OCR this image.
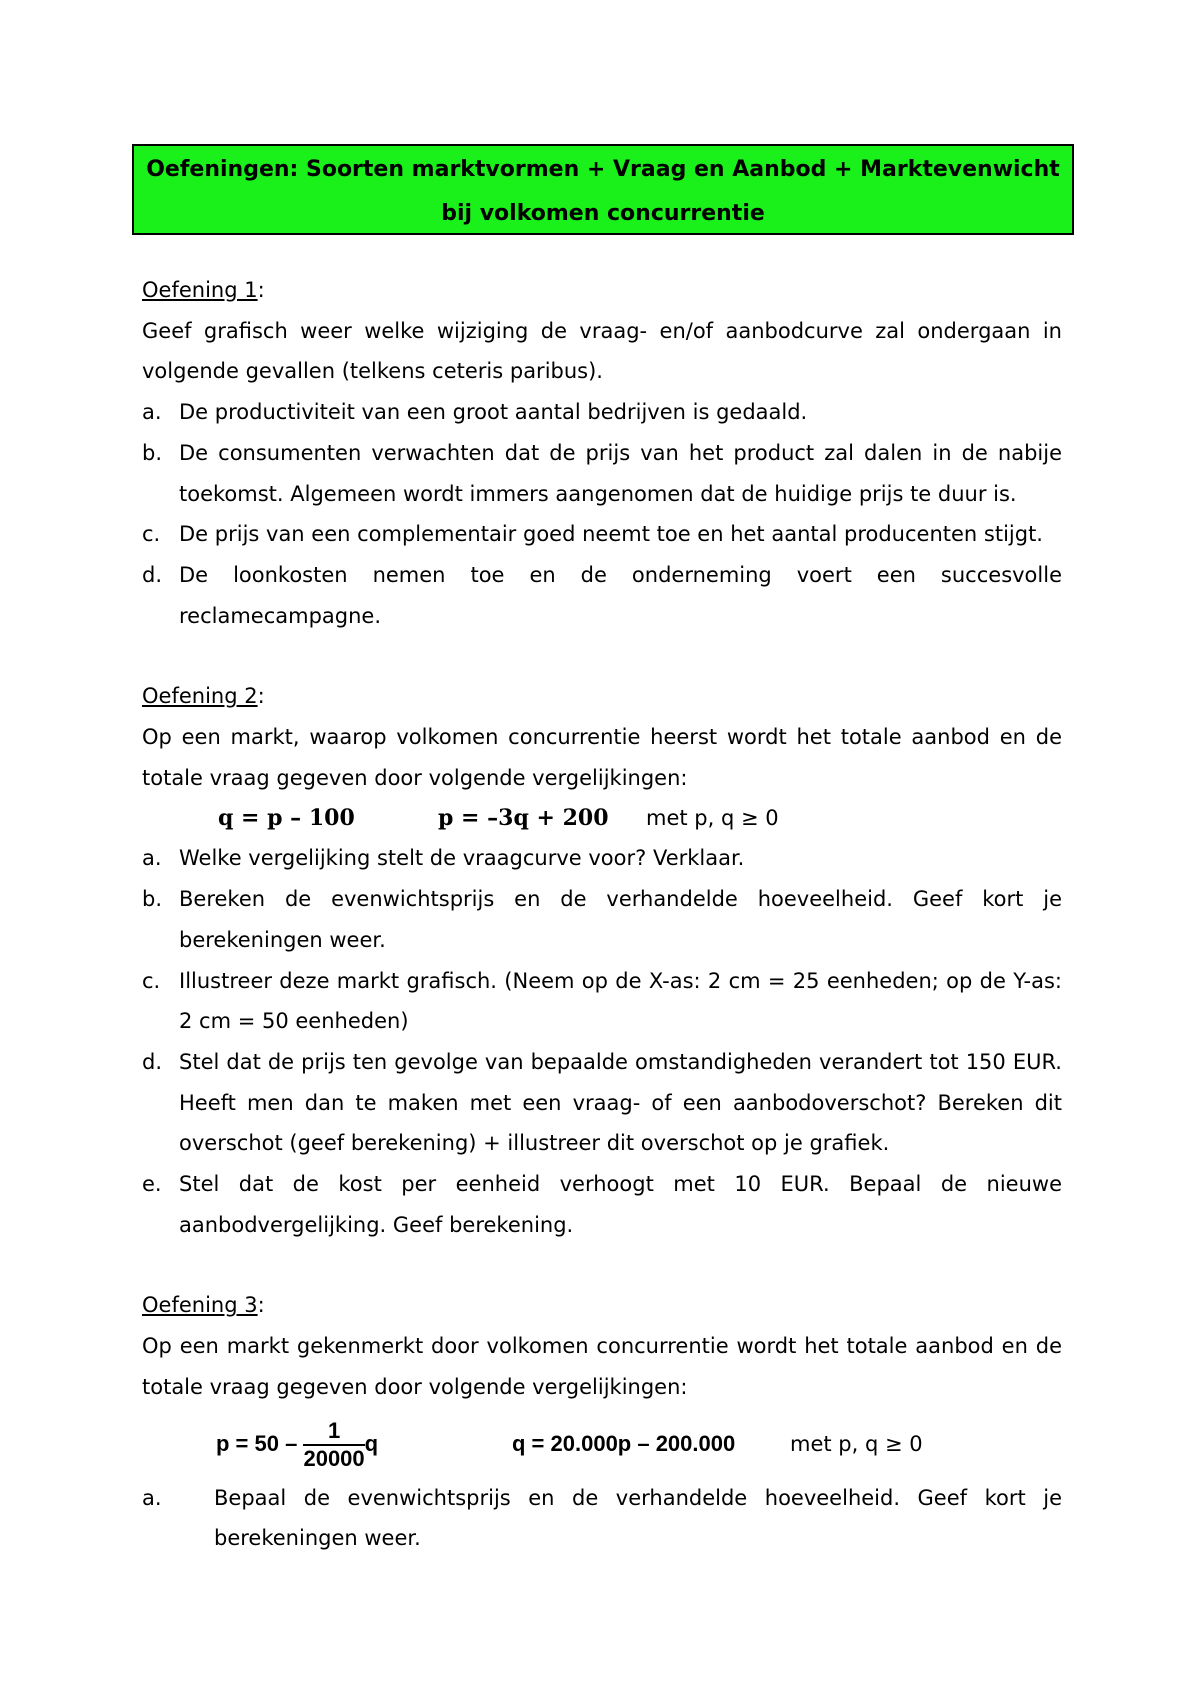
Oefeningen: Soorten marktvormen + Vraag en Aanbod + Marktevenwicht
bij volkomen concurrentie

Oefening 1:

Geef grafisch weer welke wijziging de vraag- en/of aanbodcurve zal ondergaan in volgende gevallen (telkens ceteris paribus).

a. De productiviteit van een groot aantal bedrijven is gedaald.
b. De consumenten verwachten dat de prijs van het product zal dalen in de nabije toekomst. Algemeen wordt immers aangenomen dat de huidige prijs te duur is.
c. De prijs van een complementair goed neemt toe en het aantal producenten stijgt.
d. De loonkosten nemen toe en de onderneming voert een succesvolle reclamecampagne.

Oefening 2:

Op een markt, waarop volkomen concurrentie heerst wordt het totale aanbod en de totale vraag gegeven door volgende vergelijkingen:

q = p – 100	p = –3q + 200 met p, q ≥ 0
a. Welke vergelijking stelt de vraagcurve voor? Verklaar.
b. Bereken de evenwichtsprijs en de verhandelde hoeveelheid. Geef kort je berekeningen weer.
c. Illustreer deze markt grafisch. (Neem op de X-as: 2 cm = 25 eenheden; op de Y-as: 2 cm = 50 eenheden)
d. Stel dat de prijs ten gevolge van bepaalde omstandigheden verandert tot 150 EUR. Heeft men dan te maken met een vraag- of een aanbodoverschot? Bereken dit overschot (geef berekening) + illustreer dit overschot op je grafiek.
e. Stel dat de kost per eenheid verhoogt met 10 EUR. Bepaal de nieuwe aanbodvergelijking. Geef berekening.

Oefening 3:

Op een markt gekenmerkt door volkomen concurrentie wordt het totale aanbod en de totale vraag gegeven door volgende vergelijkingen:

$p = 50 - \frac{1}{20000}$ q	q = 20.000p – 200.000	met p, q ≥ 0
a.	Bepaal de evenwichtsprijs en de verhandelde hoeveelheid. Geef kort je berekeningen weer.
